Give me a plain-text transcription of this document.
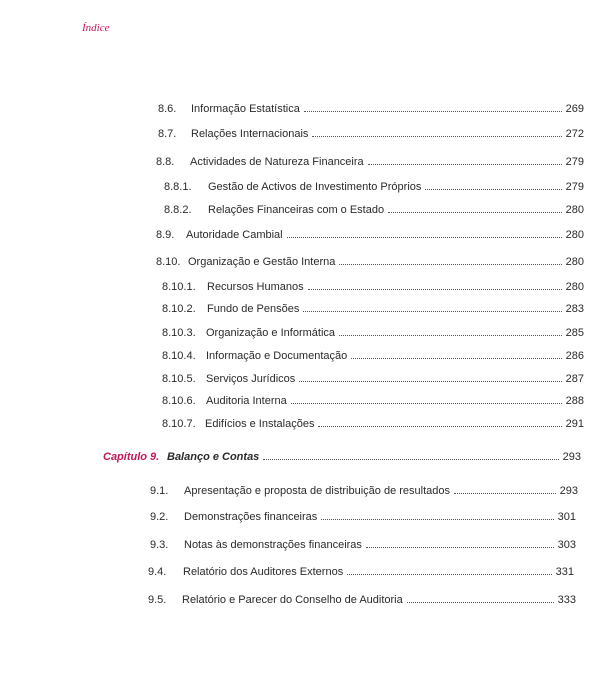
Índice
8.6.	Informação Estatística	269
8.7.	Relações Internacionais	272
8.8.	Actividades de Natureza Financeira	279
8.8.1.	Gestão de Activos de Investimento Próprios	279
8.8.2.	Relações Financeiras com o Estado	280
8.9.	Autoridade Cambial	280
8.10. Organização e Gestão Interna	280
8.10.1.	Recursos Humanos	280
8.10.2.	Fundo de Pensões	283
8.10.3. Organização e Informática	285
8.10.4. Informação e Documentação	286
8.10.5. Serviços Jurídicos	287
8.10.6. Auditoria Interna	288
8.10.7. Edifícios e Instalações	291
Capítulo 9. Balanço e Contas	293
9.1.	Apresentação e proposta de distribuição de resultados	293
9.2.	Demonstrações financeiras	301
9.3.	Notas às demonstrações financeiras	303
9.4.	Relatório dos Auditores Externos	331
9.5.	Relatório e Parecer do Conselho de Auditoria	333
